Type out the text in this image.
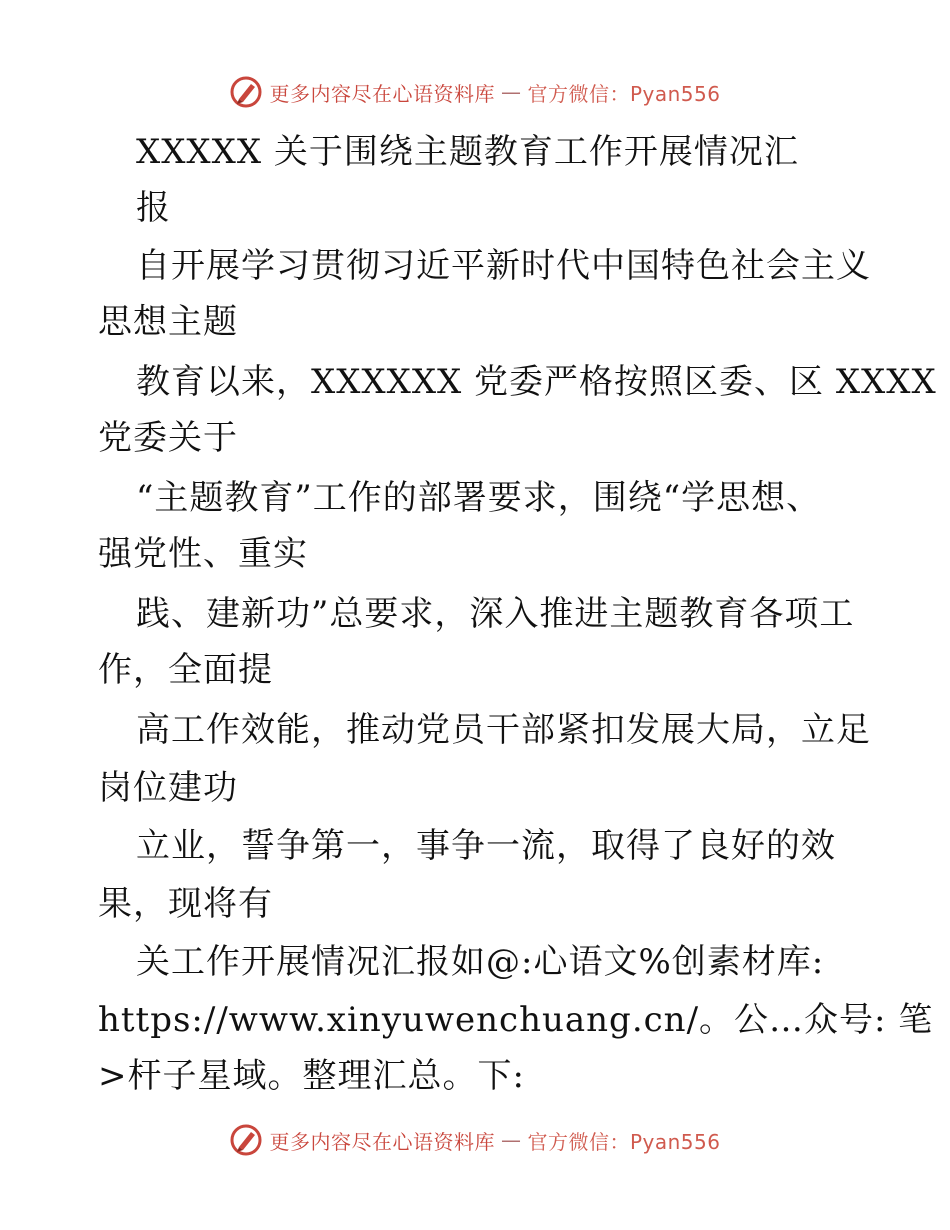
更多内容尽在心语资料库 — 官方微信：Pyan556
XXXXX 关于围绕主题教育工作开展情况汇
报
自开展学习贯彻习近平新时代中国特色社会主义
思想主题
教育以来，XXXXXX 党委严格按照区委、区 XXXX
党委关于
“主题教育”工作的部署要求，围绕“学思想、
强党性、重实
践、建新功”总要求，深入推进主题教育各项工
作，全面提
高工作效能，推动党员干部紧扣发展大局，立足
岗位建功
立业，誓争第一，事争一流，取得了良好的效
果，现将有
关工作开展情况汇报如@:心语文%创素材库:
https://www.xinyuwenchuang.cn/。公…众号: 笔
>杆子星域。整理汇总。下:
更多内容尽在心语资料库 — 官方微信：Pyan556
